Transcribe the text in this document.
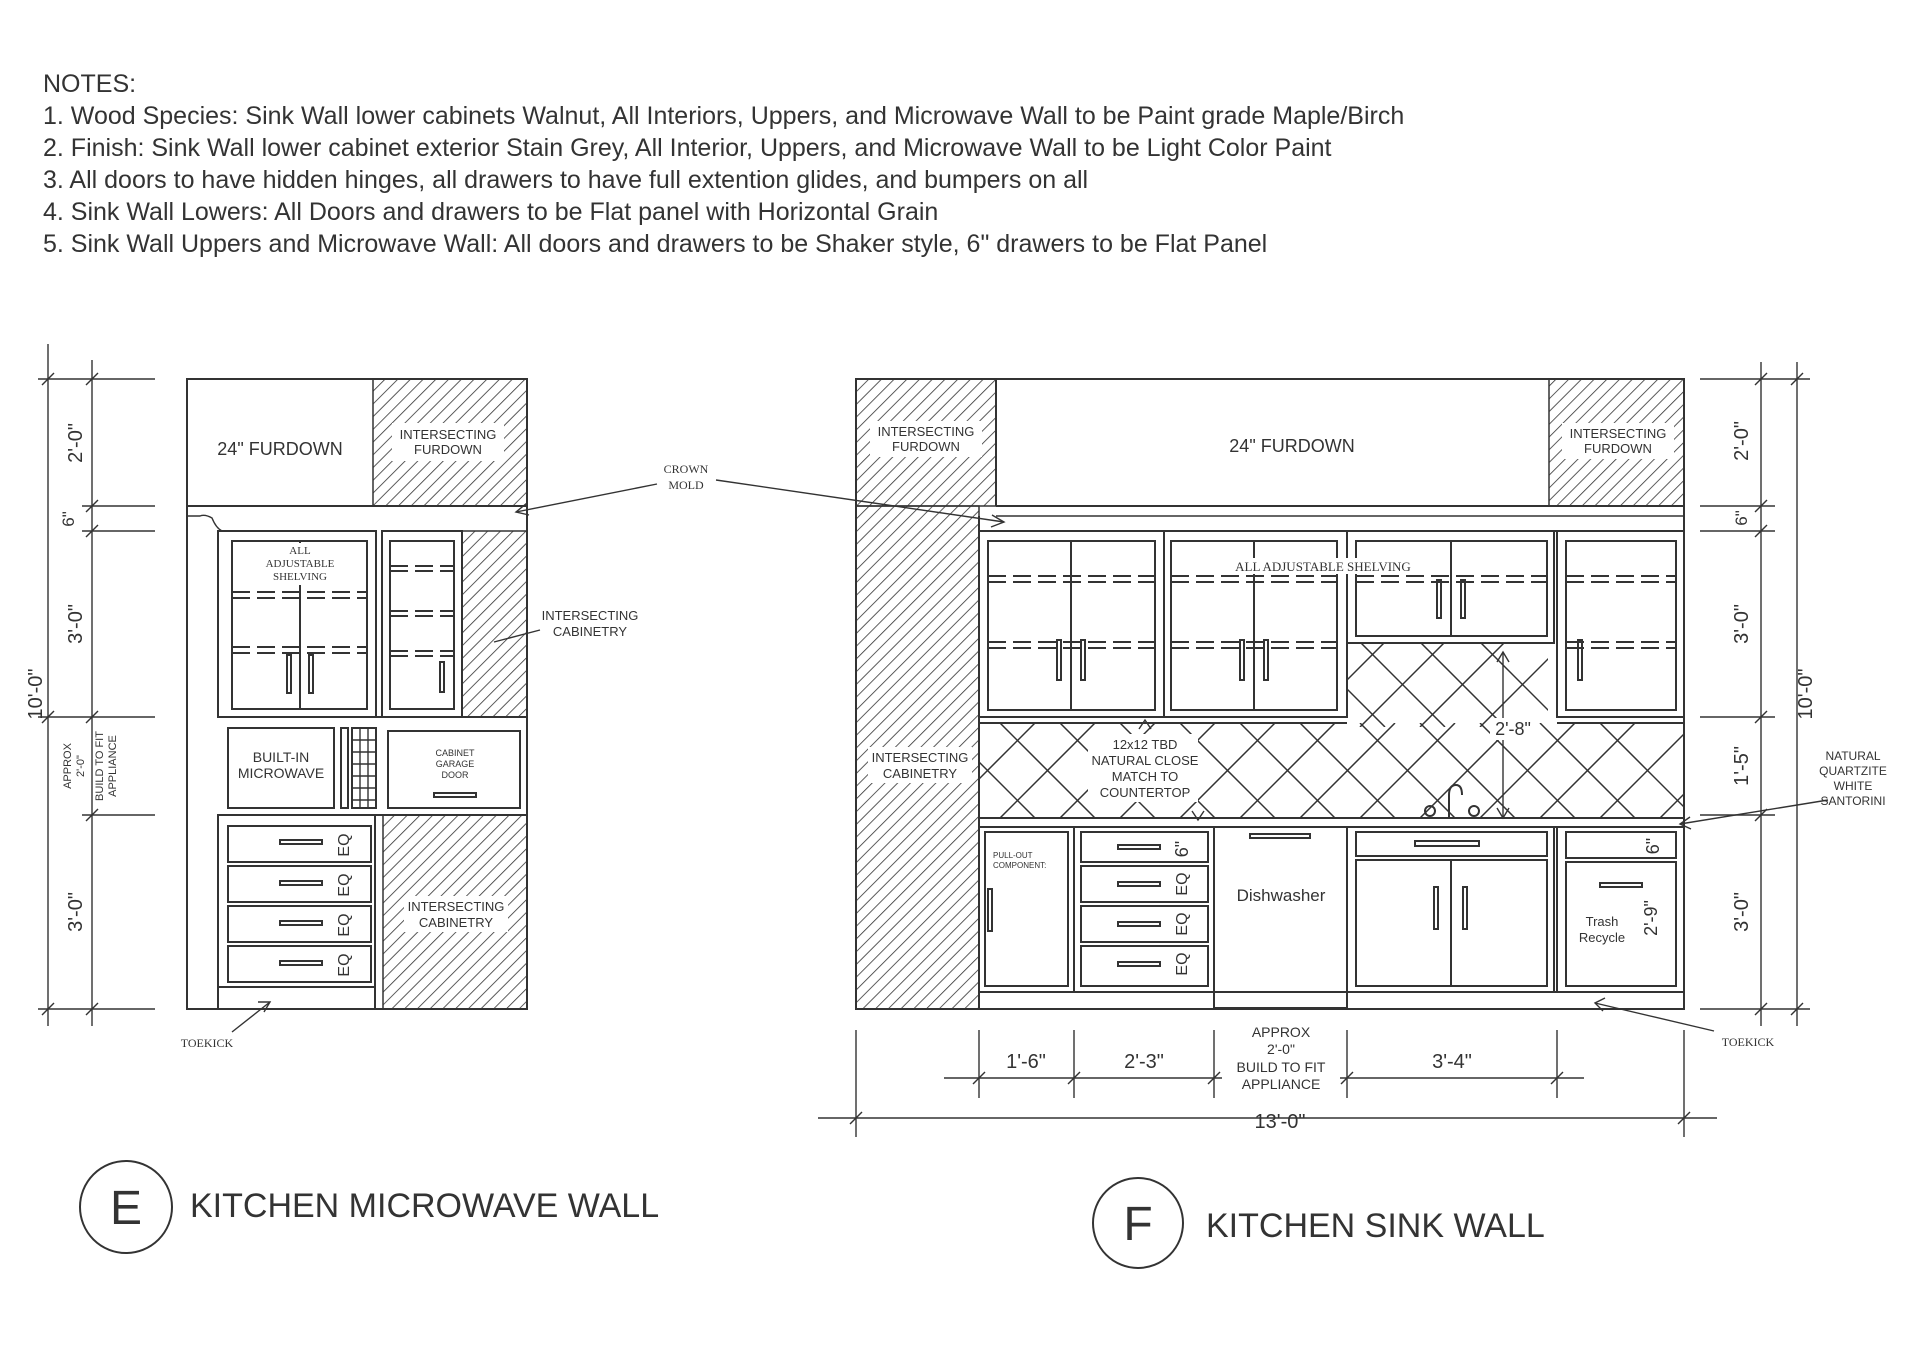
NOTES:
1. Wood Species: Sink Wall lower cabinets Walnut, All Interiors, Uppers, and Microwave Wall to be Paint grade Maple/Birch
2. Finish: Sink Wall lower cabinet exterior Stain Grey, All Interior, Uppers, and Microwave Wall to be Light Color Paint
3. All doors to have hidden hinges, all drawers to have full extention glides, and bumpers on all
4. Sink Wall Lowers: All Doors and drawers to be Flat panel with Horizontal Grain
5. Sink Wall Uppers and Microwave Wall: All doors and drawers to be Shaker style, 6" drawers to be Flat Panel
INTERSECTING
FURDOWN
24" FURDOWN
ALL
ADJUSTABLE
SHELVING
INTERSECTING
CABINETRY
BUILT-IN
MICROWAVE
CABINET
GARAGE
DOOR
EQ
EQ
EQ
EQ
INTERSECTING
CABINETRY
TOEKICK
2'-0"
6"
3'-0"
10'-0"
APPROX 2'-0" BUILD TO FIT APPLIANCE
3'-0"
E KITCHEN MICROWAVE WALL
CROWN
MOLD
INTERSECTING
FURDOWN
INTERSECTING
FURDOWN
24" FURDOWN
INTERSECTING
CABINETRY
ALL ADJUSTABLE SHELVING
12x12 TBD
NATURAL CLOSE
MATCH TO
COUNTERTOP
2'-8"
PULL-OUT
COMPONENT:
6"
EQ
EQ
EQ
Dishwasher
Trash
Recycle
6"
2'-9"
TOEKICK
NATURAL
QUARTZITE
WHITE
SANTORINI
2'-0"
6"
3'-0"
1'-5"
3'-0"
10'-0"
1'-6"	2'-3"
APPROX
2'-0"
BUILD TO FIT
APPLIANCE
3'-4"
13'-0"
F KITCHEN SINK WALL
